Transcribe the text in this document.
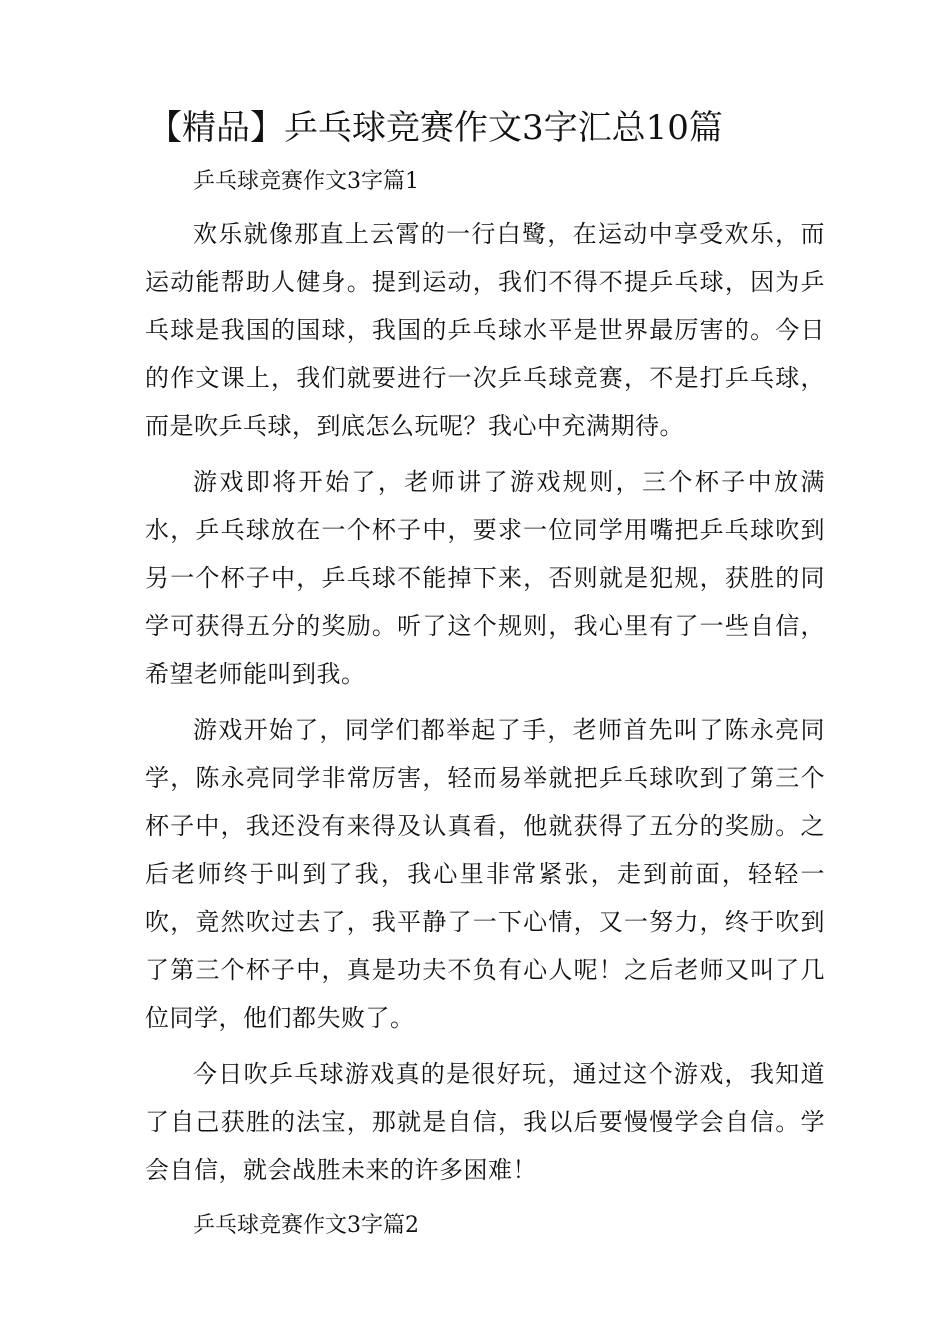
【精品】乒乓球竞赛作文3字汇总10篇

乒乓球竞赛作文3字篇1

欢乐就像那直上云霄的一行白鹭，在运动中享受欢乐，而运动能帮助人健身。提到运动，我们不得不提乒乓球，因为乒乓球是我国的国球，我国的乒乓球水平是世界最厉害的。今日的作文课上，我们就要进行一次乒乓球竞赛，不是打乒乓球，而是吹乒乓球，到底怎么玩呢？我心中充满期待。

游戏即将开始了，老师讲了游戏规则，三个杯子中放满水，乒乓球放在一个杯子中，要求一位同学用嘴把乒乓球吹到另一个杯子中，乒乓球不能掉下来，否则就是犯规，获胜的同学可获得五分的奖励。听了这个规则，我心里有了一些自信，希望老师能叫到我。

游戏开始了，同学们都举起了手，老师首先叫了陈永亮同学，陈永亮同学非常厉害，轻而易举就把乒乓球吹到了第三个杯子中，我还没有来得及认真看，他就获得了五分的奖励。之后老师终于叫到了我，我心里非常紧张，走到前面，轻轻一吹，竟然吹过去了，我平静了一下心情，又一努力，终于吹到了第三个杯子中，真是功夫不负有心人呢！之后老师又叫了几位同学，他们都失败了。

今日吹乒乓球游戏真的是很好玩，通过这个游戏，我知道了自己获胜的法宝，那就是自信，我以后要慢慢学会自信。学会自信，就会战胜未来的许多困难！

乒乓球竞赛作文3字篇2
